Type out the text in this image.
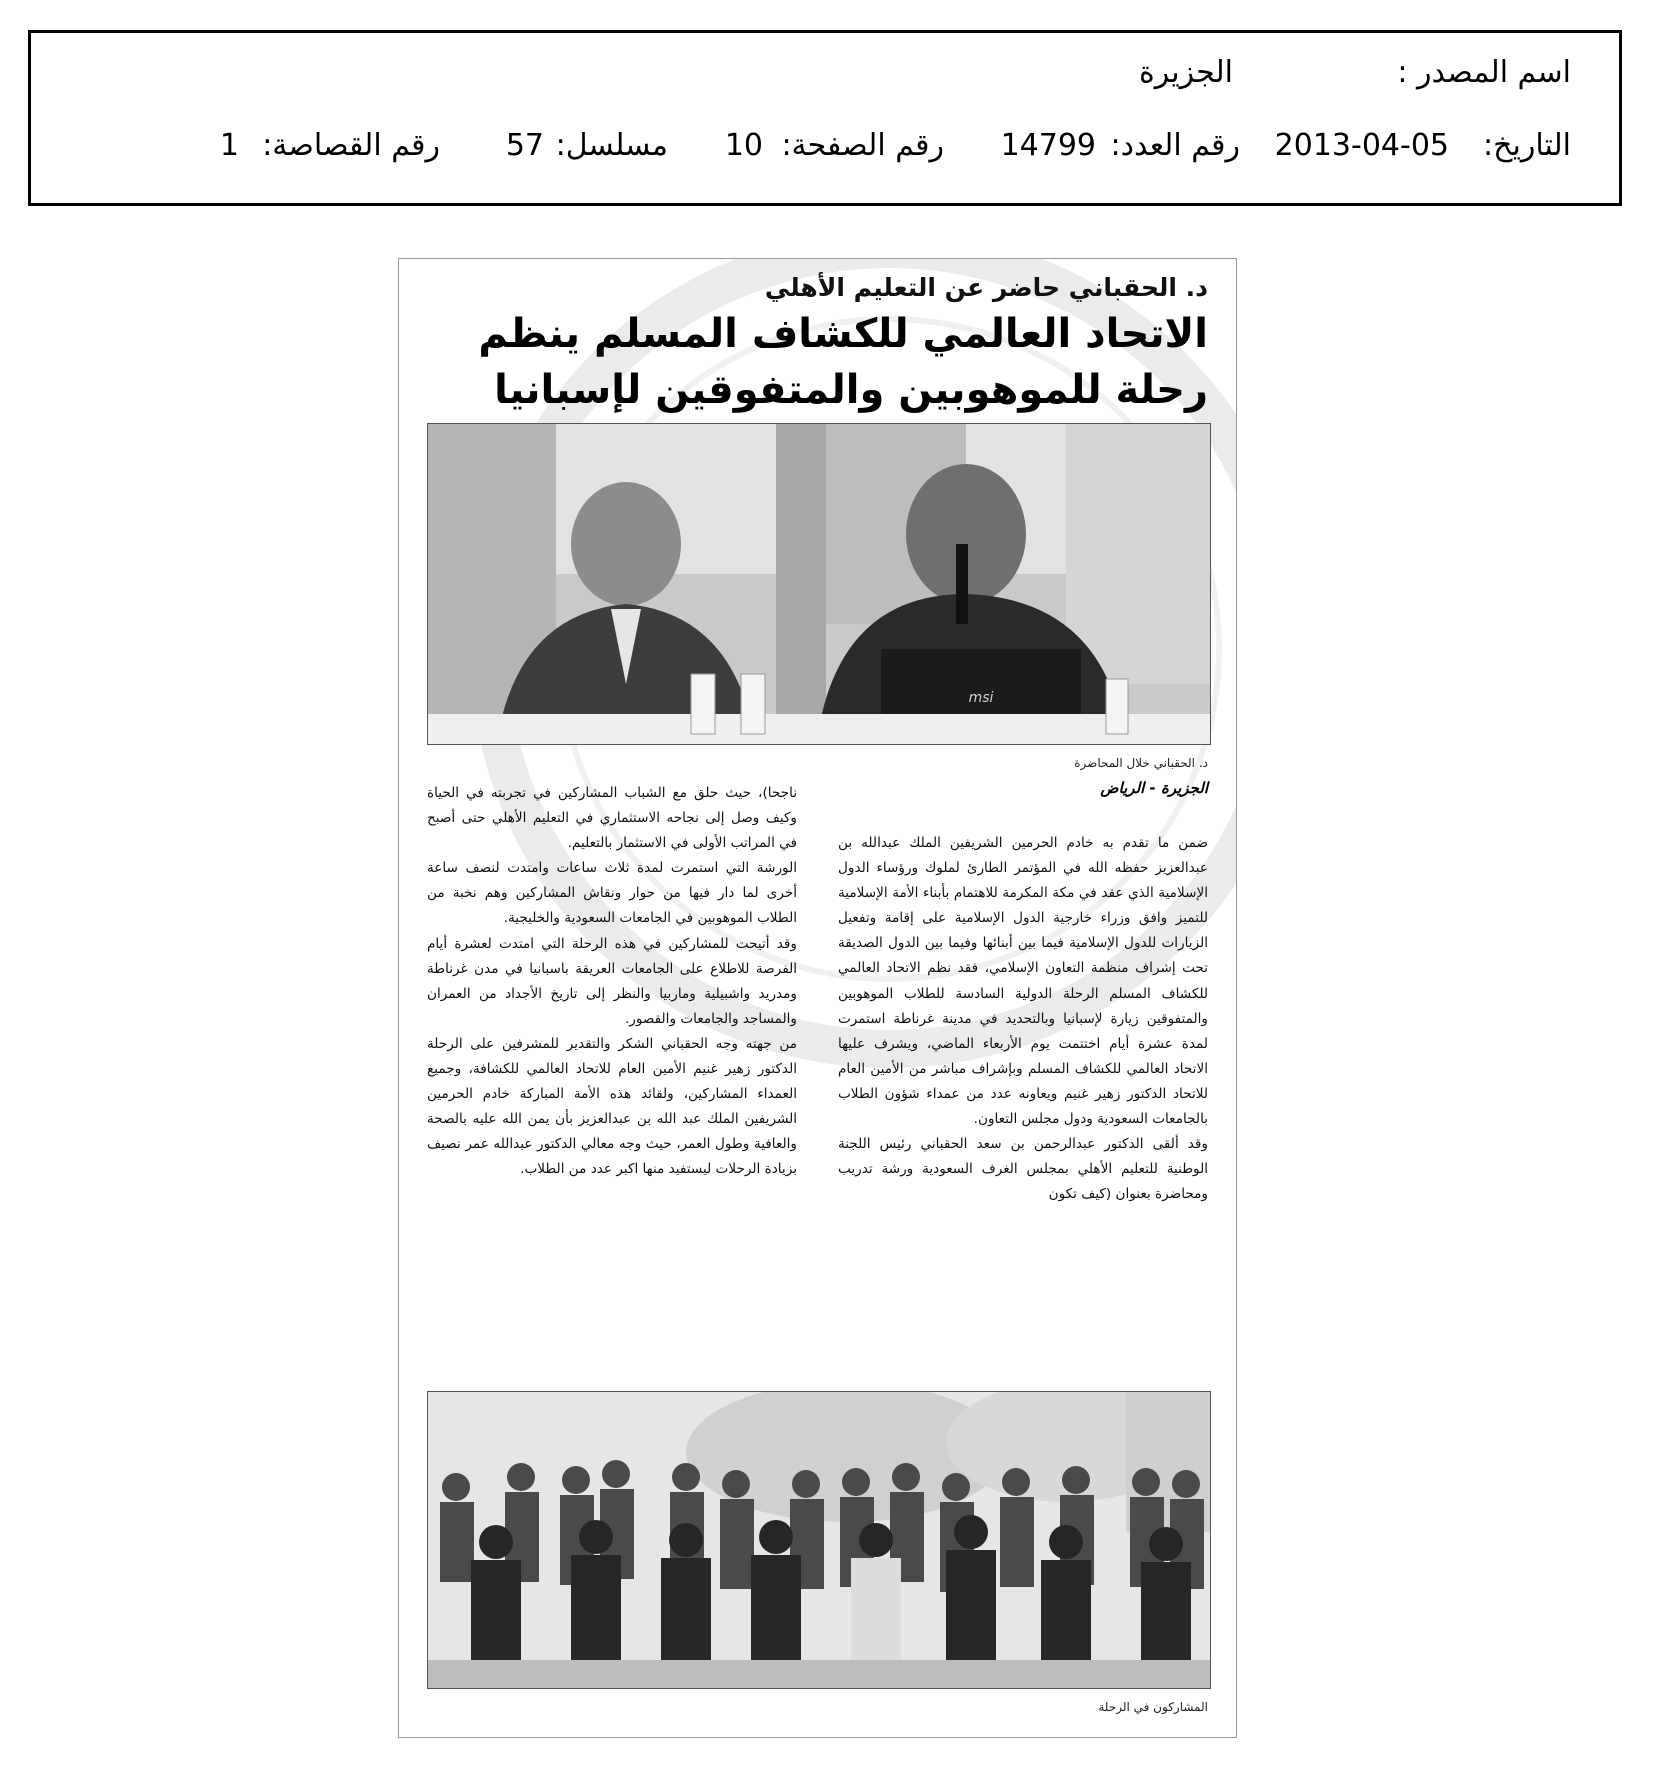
اسم المصدر :
الجزيرة
التاريخ:
2013-04-05
رقم العدد:
14799
رقم الصفحة:
10
مسلسل:
57
رقم القصاصة:
1
د. الحقباني حاضر عن التعليم الأهلي
الاتحاد العالمي للكشاف المسلم ينظم
رحلة للموهوبين والمتفوقين لإسبانيا
msi
د. الحقباني خلال المحاضرة
الجزيرة - الرياض

ضمن ما تقدم به خادم الحرمين الشريفين الملك عبدالله بن عبدالعزيز حفظه الله في المؤتمر الطارئ لملوك ورؤساء الدول الإسلامية الذي عقد في مكة المكرمة للاهتمام بأبناء الأمة الإسلامية للتميز وافق وزراء خارجية الدول الإسلامية على إقامة وتفعيل الزيارات للدول الإسلامية فيما بين أبنائها وفيما بين الدول الصديقة تحت إشراف منظمة التعاون الإسلامي، فقد نظم الاتحاد العالمي للكشاف المسلم الرحلة الدولية السادسة للطلاب الموهوبين والمتفوقين زيارة لإسبانيا وبالتحديد في مدينة غرناطة استمرت لمدة عشرة أيام اختتمت يوم الأربعاء الماضي، ويشرف عليها الاتحاد العالمي للكشاف المسلم وبإشراف مباشر من الأمين العام للاتحاد الدكتور زهير غنيم ويعاونه عدد من عمداء شؤون الطلاب بالجامعات السعودية ودول مجلس التعاون.

وقد ألقى الدكتور عبدالرحمن بن سعد الحقباني رئيس اللجنة الوطنية للتعليم الأهلي بمجلس الغرف السعودية ورشة تدريب ومحاضرة بعنوان (كيف تكون

ناجحا)، حيث حلق مع الشباب المشاركين في تجربته في الحياة وكيف وصل إلى نجاحه الاستثماري في التعليم الأهلي حتى أصبح في المراتب الأولى في الاستثمار بالتعليم.

الورشة التي استمرت لمدة ثلاث ساعات وامتدت لنصف ساعة أخرى لما دار فيها من حوار ونقاش المشاركين وهم نخبة من الطلاب الموهوبين في الجامعات السعودية والخليجية.

وقد أتيحت للمشاركين في هذه الرحلة التي امتدت لعشرة أيام الفرصة للاطلاع على الجامعات العريقة باسبانيا في مدن غرناطة ومدريد واشبيلية وماربيا والنظر إلى تاريخ الأجداد من العمران والمساجد والجامعات والقصور.

من جهته وجه الحقباني الشكر والتقدير للمشرفين على الرحلة الدكتور زهير غنيم الأمين العام للاتحاد العالمي للكشافة، وجميع العمداء المشاركين، ولقائد هذه الأمة المباركة خادم الحرمين الشريفين الملك عبد الله بن عبدالعزيز بأن يمن الله عليه بالصحة والعافية وطول العمر، حيث وجه معالي الدكتور عبدالله عمر نصيف بزيادة الرحلات ليستفيد منها اكبر عدد من الطلاب.

المشاركون في الرحلة
